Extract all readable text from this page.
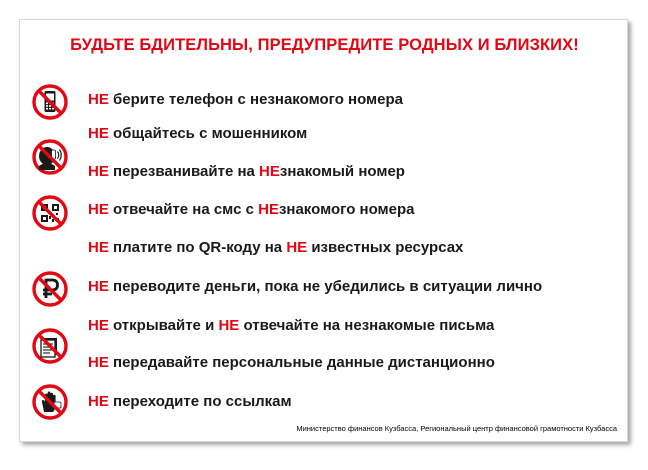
БУДЬТЕ БДИТЕЛЬНЫ, ПРЕДУПРЕДИТЕ РОДНЫХ И БЛИЗКИХ!

НЕ берите телефон с незнакомого номера

НЕ общайтесь с мошенником

НЕ перезванивайте на НЕзнакомый номер

НЕ отвечайте на смс с НЕзнакомого номера

НЕ платите по QR-коду на НЕ известных ресурсах

НЕ переводите деньги, пока не убедились в ситуации лично

НЕ открывайте и НЕ отвечайте на незнакомые письма

НЕ передавайте персональные данные дистанционно

НЕ переходите по ссылкам

Министерство финансов Кузбасса, Региональный центр финансовой грамотности Кузбасса
